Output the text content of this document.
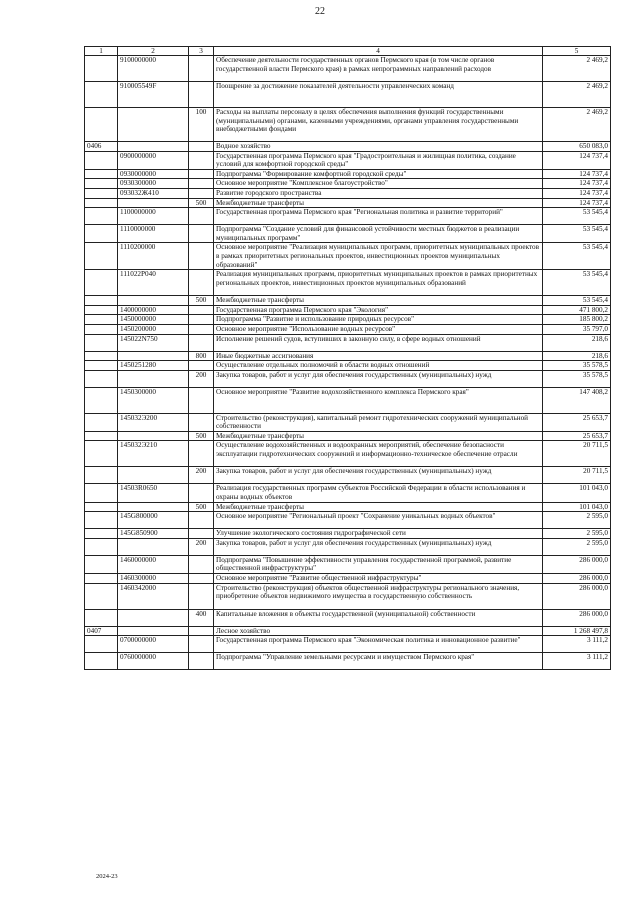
22
1	2	3	4	5
	9100000000		Обеспечение деятельности государственных органов Пермского края (в том числе органов государственной власти Пермского края) в рамках непрограммных направлений расходов	2 469,2
	910005549F		Поощрение за достижение показателей деятельности управленческих команд	2 469,2
		100	Расходы на выплаты персоналу в целях обеспечения выполнения функций государственными (муниципальными) органами, казенными учреждениями, органами управления государственными внебюджетными фондами	2 469,2
0406			Водное хозяйство	650 083,0
	0900000000		Государственная программа Пермского края "Градостроительная и жилищная политика, создание условий для комфортной городской среды"	124 737,4
	0930000000		Подпрограмма "Формирование комфортной городской среды"	124 737,4
	0930300000		Основное мероприятие "Комплексное благоустройство"	124 737,4
	093032Ж410		Развитие городского пространства	124 737,4
		500	Межбюджетные трансферты	124 737,4
	1100000000		Государственная программа Пермского края "Региональная политика и развитие территорий"	53 545,4
	1110000000		Подпрограмма "Создание условий для финансовой устойчивости местных бюджетов в реализации муниципальных программ"	53 545,4
	1110200000		Основное мероприятие "Реализация муниципальных программ, приоритетных муниципальных проектов в рамках приоритетных региональных проектов, инвестиционных проектов муниципальных образований"	53 545,4
	111022Р040		Реализация муниципальных программ, приоритетных муниципальных проектов в рамках приоритетных региональных проектов, инвестиционных проектов муниципальных образований	53 545,4
		500	Межбюджетные трансферты	53 545,4
	1400000000		Государственная программа Пермского края "Экология"	471 800,2
	1450000000		Подпрограмма "Развитие и использование природных ресурсов"	185 800,2
	1450200000		Основное мероприятие "Использование водных ресурсов"	35 797,0
	145022N750		Исполнение решений судов, вступивших в законную силу, в сфере водных отношений	218,6
		800	Иные бюджетные ассигнования	218,6
	1450251280		Осуществление отдельных полномочий в области водных отношений	35 578,5
		200	Закупка товаров, работ и услуг для обеспечения государственных (муниципальных) нужд	35 578,5
	1450300000		Основное мероприятие "Развитие водохозяйственного комплекса Пермского края"	147 408,2
	145032Э200		Строительство (реконструкция), капитальный ремонт гидротехнических сооружений муниципальной собственности	25 653,7
		500	Межбюджетные трансферты	25 653,7
	145032Э210		Осуществление водохозяйственных и водоохранных мероприятий, обеспечение безопасности эксплуатации гидротехнических сооружений и информационно-техническое обеспечение отрасли	20 711,5
		200	Закупка товаров, работ и услуг для обеспечения государственных (муниципальных) нужд	20 711,5
	14503R0650		Реализация государственных программ субъектов Российской Федерации в области использования и охраны водных объектов	101 043,0
		500	Межбюджетные трансферты	101 043,0
	145G800000		Основное мероприятие "Региональный проект "Сохранение уникальных водных объектов"	2 595,0
	145G850900		Улучшение экологического состояния гидрографической сети	2 595,0
		200	Закупка товаров, работ и услуг для обеспечения государственных (муниципальных) нужд	2 595,0
	1460000000		Подпрограмма "Повышение эффективности управления государственной программой, развитие общественной инфраструктуры"	286 000,0
	1460300000		Основное мероприятие "Развитие общественной инфраструктуры"	286 000,0
	1460342000		Строительство (реконструкция) объектов общественной инфраструктуры регионального значения, приобретение объектов недвижимого имущества в государственную собственность	286 000,0
		400	Капитальные вложения в объекты государственной (муниципальной) собственности	286 000,0
0407			Лесное хозяйство	1 268 497,8
	0700000000		Государственная программа Пермского края "Экономическая политика и инновационное развитие"	3 111,2
	0760000000		Подпрограмма "Управление земельными ресурсами и имуществом Пермского края"	3 111,2
2024-23
